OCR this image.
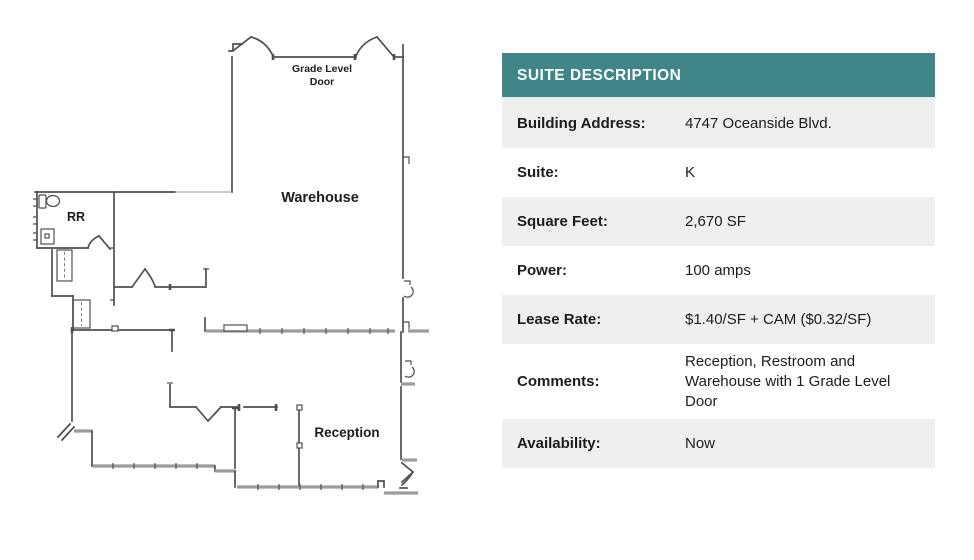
Grade Level
Door
Warehouse
RR
Reception
SUITE DESCRIPTION
Building Address:	4747 Oceanside Blvd.
Suite:	K
Square Feet:	2,670 SF
Power:	100 amps
Lease Rate:	$1.40/SF + CAM ($0.32/SF)
Comments:
Reception, Restroom and Warehouse with 1 Grade Level Door
Availability:	Now
